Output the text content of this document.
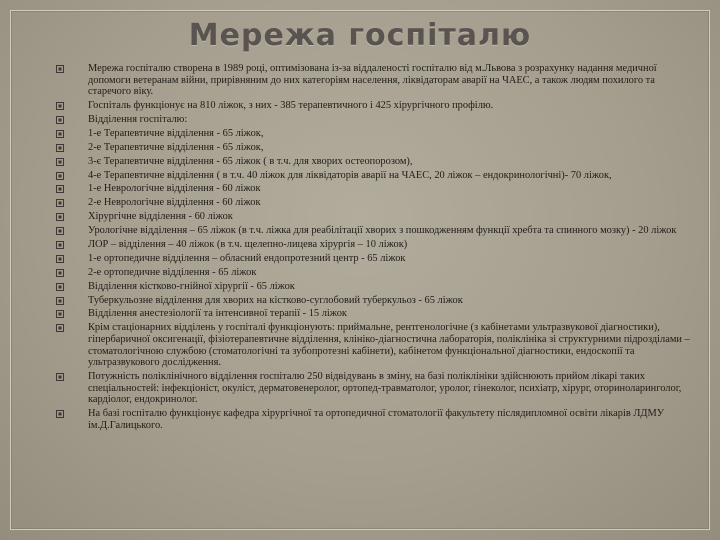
Мережа госпіталю
Мережа госпіталю створена в 1989 році, оптимізована із-за віддаленості госпіталю від м.Львова з розрахунку надання медичної допомоги ветеранам війни, прирівняним до них категоріям населення, ліквідаторам аварії на ЧАЕС, а також людям похилого та старечого віку.
Госпіталь функціонує на 810 ліжок, з них - 385 терапевтичного і 425 хірургічного профілю.
Відділення госпіталю:
1-е Терапевтичне відділення - 65 ліжок,
2-е Терапевтичне відділення - 65 ліжок,
3-є Терапевтичне відділення - 65 ліжок ( в т.ч. для хворих остеопорозом),
4-е Терапевтичне відділення ( в т.ч. 40 ліжок для ліквідаторів аварії на ЧАЕС, 20 ліжок – ендокринологічні)- 70 ліжок,
1-е Неврологічне відділення - 60 ліжок
2-е Неврологічне відділення - 60 ліжок
Хірургічне відділення - 60 ліжок
Урологічне відділення – 65 ліжок (в т.ч. ліжка для реабілітації хворих з пошкодженням функції хребта та спинного мозку) - 20 ліжок
ЛОР – відділення – 40 ліжок (в т.ч. щелепно-лицева хірургія – 10 ліжок)
1-е ортопедичне відділення – обласний ендопротезний центр - 65 ліжок
2-е ортопедичне відділення - 65 ліжок
Відділення кістково-гнійної хірургії - 65 ліжок
Туберкульозне відділення для хворих на кістково-суглобовий туберкульоз - 65 ліжок
Відділення анестезіології та інтенсивної терапії - 15 ліжок
Крім стаціонарних відділень у госпіталі функціонують: приймальне, рентгенологічне (з кабінетами ультразвукової діагностики), гіпербаричної оксигенації, фізіотерапевтичне відділення, клініко-діагностична лабораторія, поліклініка зі структурними підрозділами – стоматологічною службою (стоматологічні та зубопротезні кабінети), кабінетом функціональної діагностики, ендоскопії та ультразвукового дослідження.
Потужність поліклінічного відділення госпіталю 250 відвідувань в зміну, на базі поліклініки здійснюють прийом лікарі таких спеціальностей: інфекціоніст, окуліст, дерматовенеролог, ортопед-травматолог, уролог, гінеколог, психіатр, хірург, оториноларинголог, кардіолог, ендокринолог.
На базі госпіталю функціонує кафедра хірургічної та ортопедичної стоматології факультету післядипломної освіти лікарів ЛДМУ ім.Д.Галицького.
